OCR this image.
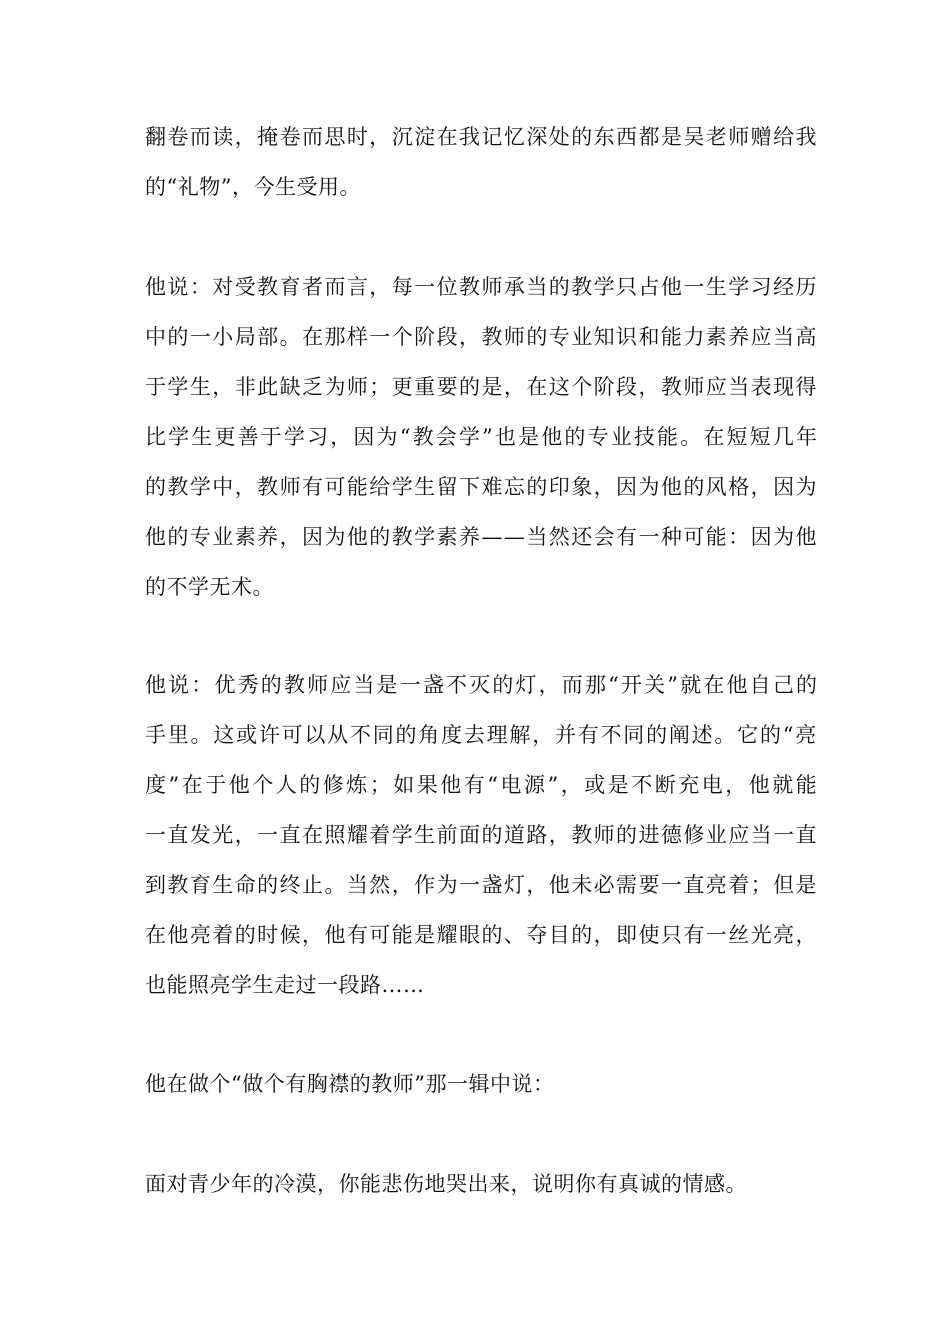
翻卷而读，掩卷而思时，沉淀在我记忆深处的东西都是吴老师赠给我
的“礼物”，今生受用。
他说：对受教育者而言，每一位教师承当的教学只占他一生学习经历
中的一小局部。在那样一个阶段，教师的专业知识和能力素养应当高
于学生，非此缺乏为师；更重要的是，在这个阶段，教师应当表现得
比学生更善于学习，因为“教会学”也是他的专业技能。在短短几年
的教学中，教师有可能给学生留下难忘的印象，因为他的风格，因为
他的专业素养，因为他的教学素养——当然还会有一种可能：因为他
的不学无术。
他说：优秀的教师应当是一盏不灭的灯，而那“开关”就在他自己的
手里。这或许可以从不同的角度去理解，并有不同的阐述。它的“亮
度”在于他个人的修炼；如果他有“电源”，或是不断充电，他就能
一直发光，一直在照耀着学生前面的道路，教师的进德修业应当一直
到教育生命的终止。当然，作为一盏灯，他未必需要一直亮着；但是
在他亮着的时候，他有可能是耀眼的、夺目的，即使只有一丝光亮，
也能照亮学生走过一段路……
他在做个“做个有胸襟的教师”那一辑中说：
面对青少年的冷漠，你能悲伤地哭出来，说明你有真诚的情感。
